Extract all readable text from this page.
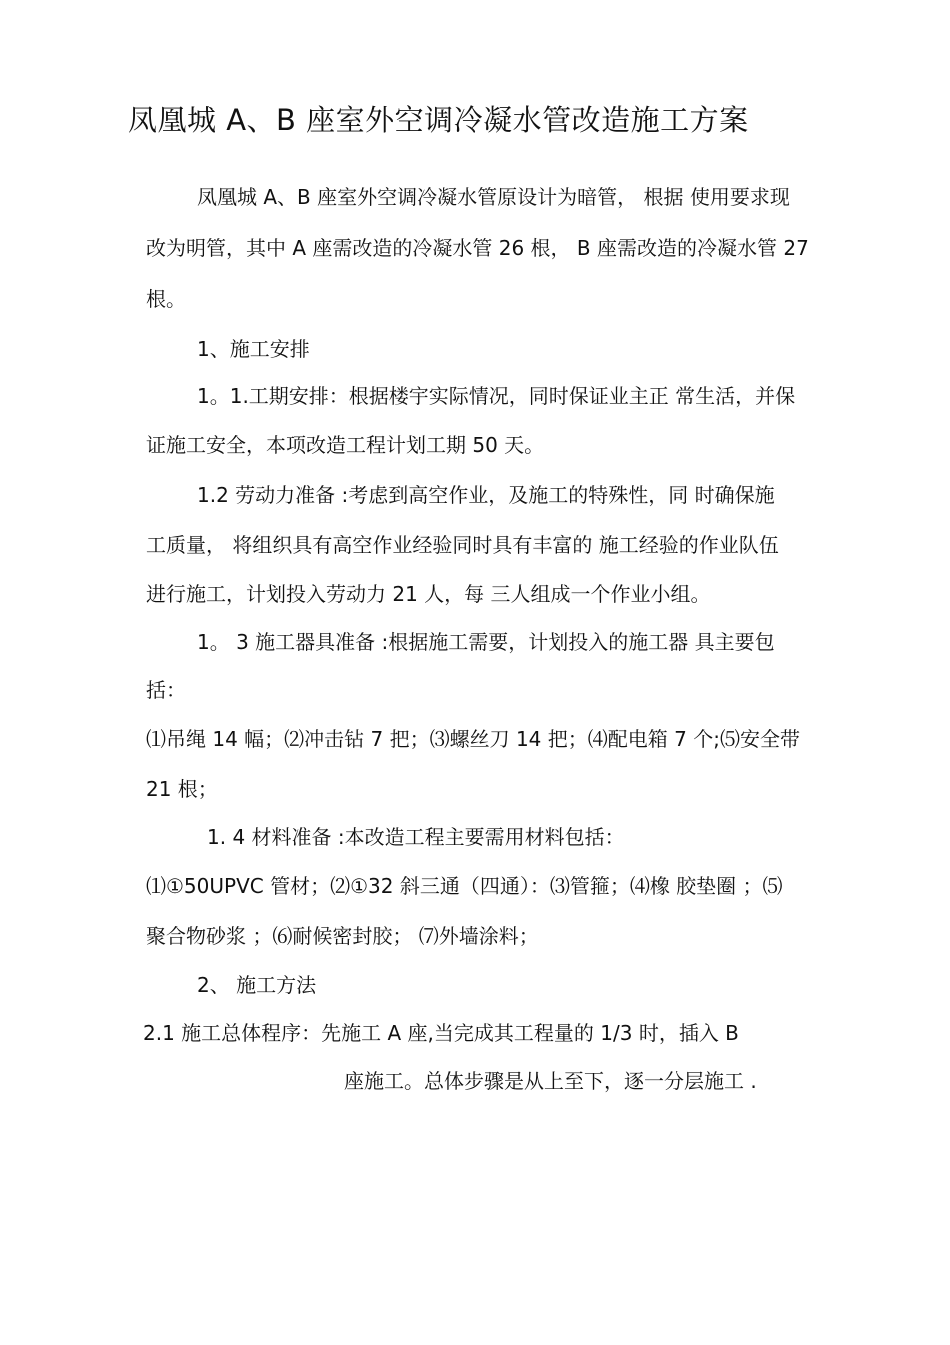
凤凰城 A、B 座室外空调冷凝水管改造施工方案
凤凰城 A、B 座室外空调冷凝水管原设计为暗管， 根据 使用要求现
改为明管，其中 A 座需改造的冷凝水管 26 根， B 座需改造的冷凝水管 27
根。
1、施工安排
1。1.工期安排：根据楼宇实际情况，同时保证业主正 常生活，并保
证施工安全，本项改造工程计划工期 50 天。
1.2 劳动力准备 :考虑到高空作业，及施工的特殊性，同 时确保施
工质量， 将组织具有高空作业经验同时具有丰富的 施工经验的作业队伍
进行施工，计划投入劳动力 21 人，每 三人组成一个作业小组。
1。 3 施工器具准备 :根据施工需要，计划投入的施工器 具主要包
括：
⑴吊绳 14 幅；⑵冲击钻 7 把；⑶螺丝刀 14 把；⑷配电箱 7 个;⑸安全带
21 根；
1. 4 材料准备 :本改造工程主要需用材料包括：
⑴①50UPVC 管材；⑵①32 斜三通（四通）：⑶管箍；⑷橡 胶垫圈 ；⑸
聚合物砂浆 ；⑹耐候密封胶； ⑺外墙涂料；
2、 施工方法
2.1 施工总体程序：先施工 A 座,当完成其工程量的 1/3 时，插入 B
座施工。总体步骤是从上至下，逐一分层施工 .
